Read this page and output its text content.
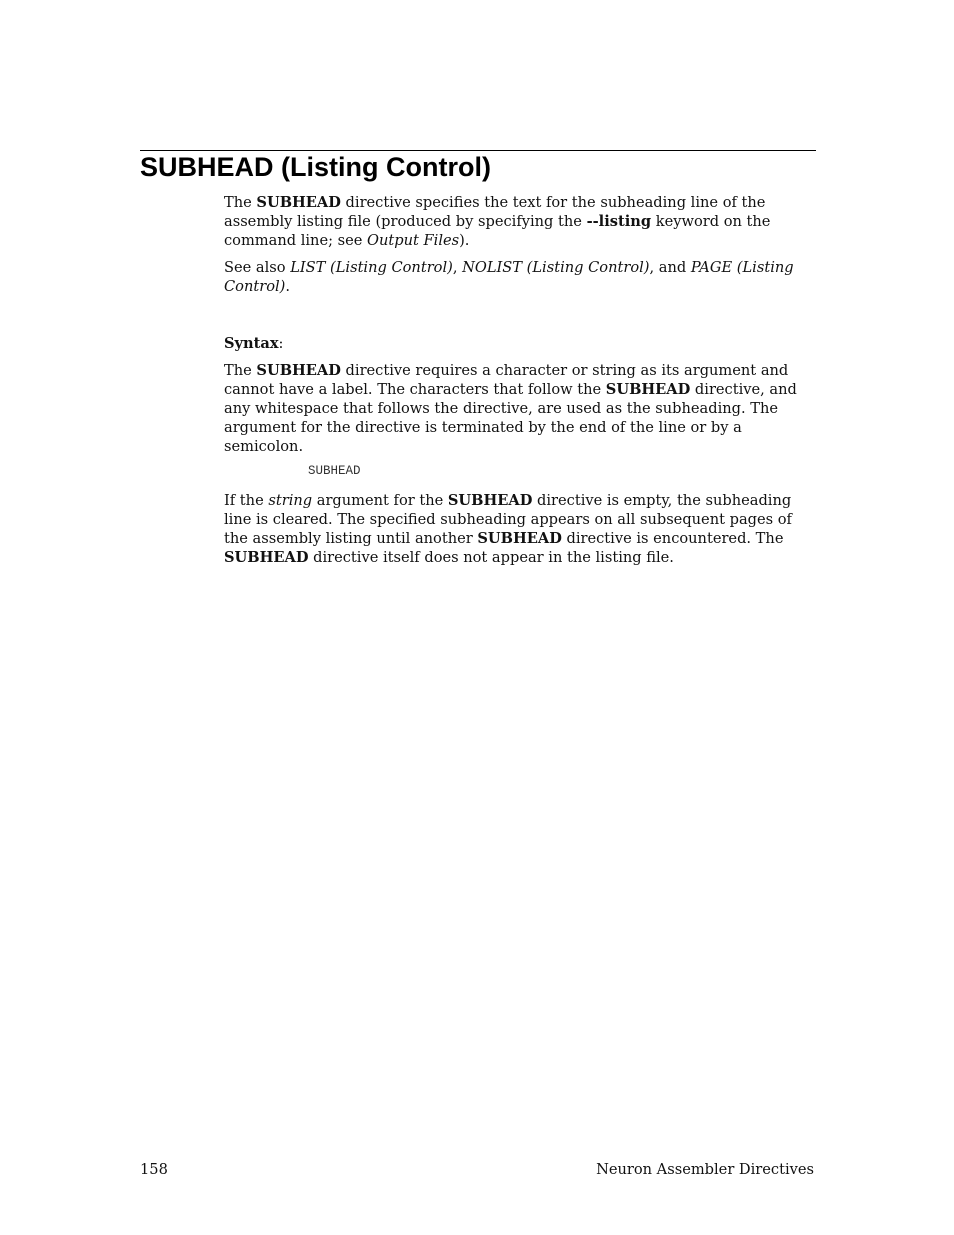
SUBHEAD (Listing Control)

The SUBHEAD directive specifies the text for the subheading line of the assembly listing file (produced by specifying the --listing keyword on the command line; see Output Files).

See also LIST (Listing Control), NOLIST (Listing Control), and PAGE (Listing Control).

Syntax:

The SUBHEAD directive requires a character or string as its argument and cannot have a label. The characters that follow the SUBHEAD directive, and any whitespace that follows the directive, are used as the subheading. The argument for the directive is terminated by the end of the line or by a semicolon.

SUBHEAD

If the string argument for the SUBHEAD directive is empty, the subheading line is cleared. The specified subheading appears on all subsequent pages of the assembly listing until another SUBHEAD directive is encountered. The SUBHEAD directive itself does not appear in the listing file.

158	Neuron Assembler Directives
